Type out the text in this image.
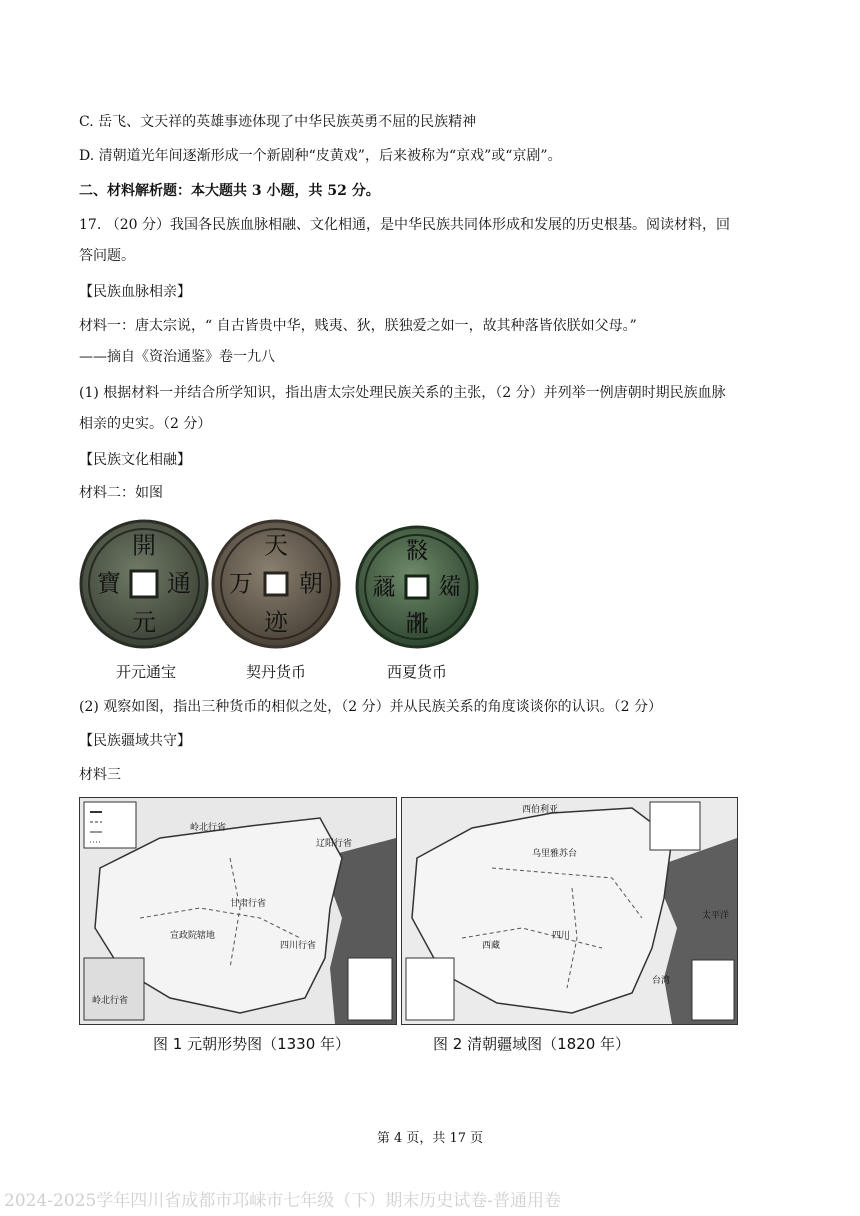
C. 岳飞、文天祥的英雄事迹体现了中华民族英勇不屈的民族精神
D. 清朝道光年间逐渐形成一个新剧种“皮黄戏”，后来被称为“京戏”或“京剧”。
二、材料解析题：本大题共 3 小题，共 52 分。
17. （20 分）我国各民族血脉相融、文化相通，是中华民族共同体形成和发展的历史根基。阅读材料，回
答问题。
【民族血脉相亲】
材料一：唐太宗说，“ 自古皆贵中华，贱夷、狄，朕独爱之如一，故其种落皆依朕如父母。”
——摘自《资治通鉴》卷一九八
(1) 根据材料一并结合所学知识，指出唐太宗处理民族关系的主张，（2 分）并列举一例唐朝时期民族血脉
相亲的史实。（2 分）
【民族文化相融】
材料二：如图
開
元
通
寶
天
万 朝
迹
𘜶
𗹙 𗩴
𗭔
开元通宝	契丹货币	西夏货币
(2) 观察如图，指出三种货币的相似之处，（2 分）并从民族关系的角度谈谈你的认识。（2 分）
【民族疆域共守】
材料三
岭北行省
辽阳行省
甘肃行省
宣政院辖地
岭北行省
四川行省
西伯利亚
乌里雅苏台
西藏
四川
台湾
太平洋
图 1 元朝形势图（1330 年）	图 2 清朝疆域图（1820 年）
第 4 页，共 17 页
2024-2025学年四川省成都市邛崃市七年级（下）期末历史试卷-普通用卷
